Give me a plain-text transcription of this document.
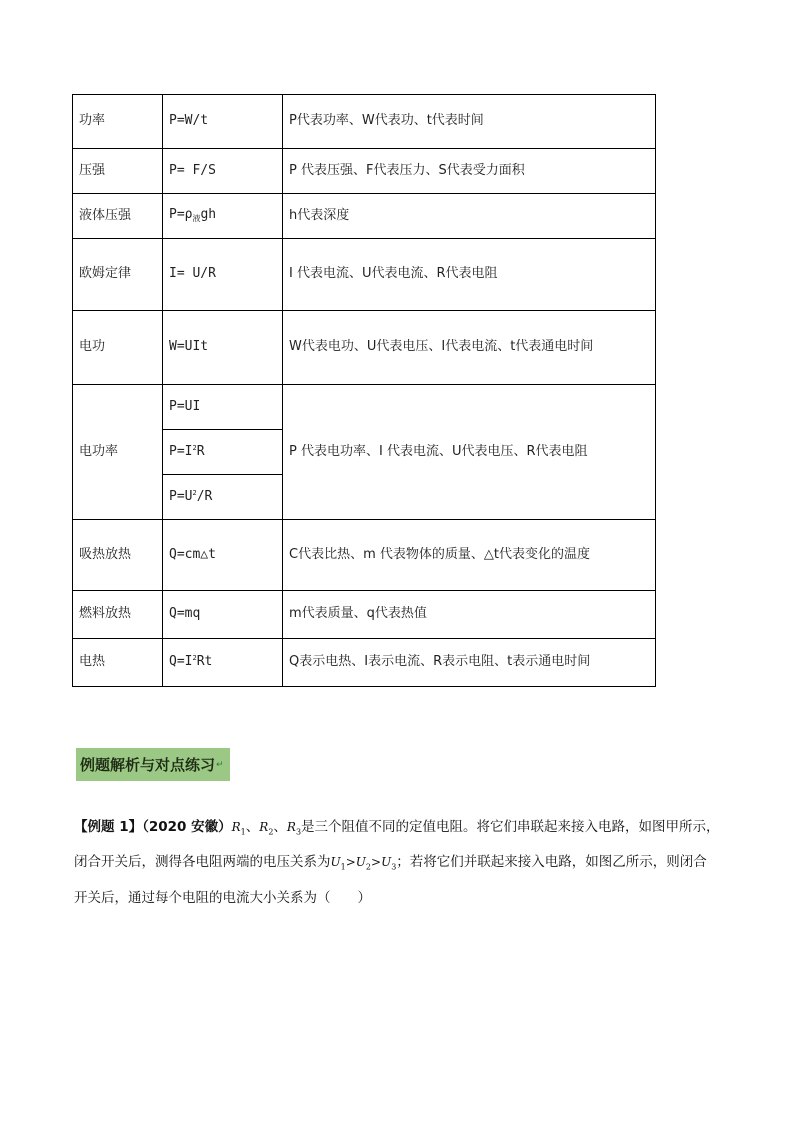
功率	P=W/t	P代表功率、W代表功、t代表时间
压强	P= F/S	P 代表压强、F代表压力、S代表受力面积
液体压强	$P=\rho_液gh$	h代表深度
欧姆定律	I= U/R	I 代表电流、U代表电流、R代表电阻
电功	W=UIt	W代表电功、U代表电压、I代表电流、t代表通电时间
电功率	P=UI	P 代表电功率、I 代表电流、U代表电压、R代表电阻
	$P=I^2R$	
	$P=U^2/R$	
吸热放热	Q=cm△t	C代表比热、m 代表物体的质量、△t代表变化的温度
燃料放热	Q=mq	m代表质量、q代表热值
电热	$Q=I^2Rt$	Q表示电热、I表示电流、R表示电阻、t表示通电时间
例题解析与对点练习 ↵

【例题 1】（2020 安徽）$R_1$、$R_2$、$R_3$是三个阻值不同的定值电阻。将它们串联起来接入电路，如图甲所示，闭合开关后，测得各电阻两端的电压关系为$U_1>U_2>U_3$；若将它们并联起来接入电路，如图乙所示，则闭合开关后，通过每个电阻的电流大小关系为（　　）
